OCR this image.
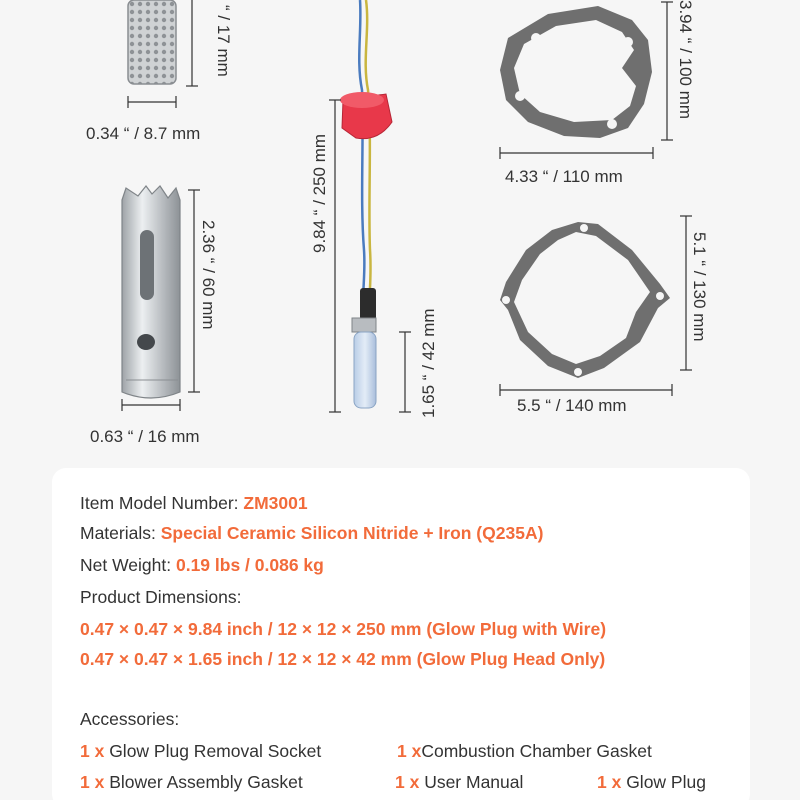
“ / 17 mm
0.34 “ / 8.7 mm
2.36 “ / 60 mm
0.63 “ / 16 mm
9.84 “ / 250 mm
1.65 “ / 42 mm
3.94 “ / 100 mm
4.33 “ / 110 mm
5.1 “ / 130 mm
5.5 “ / 140 mm
Item Model Number: ZM3001
Materials: Special Ceramic Silicon Nitride + Iron (Q235A)
Net Weight: 0.19 lbs / 0.086 kg
Product Dimensions:
0.47 × 0.47 × 9.84 inch / 12 × 12 × 250 mm (Glow Plug with Wire)
0.47 × 0.47 × 1.65 inch / 12 × 12 × 42 mm (Glow Plug Head Only)
Accessories:
1 x Glow Plug Removal Socket	1 xCombustion Chamber Gasket
1 x Blower Assembly Gasket	1 x User Manual	1 x Glow Plug
